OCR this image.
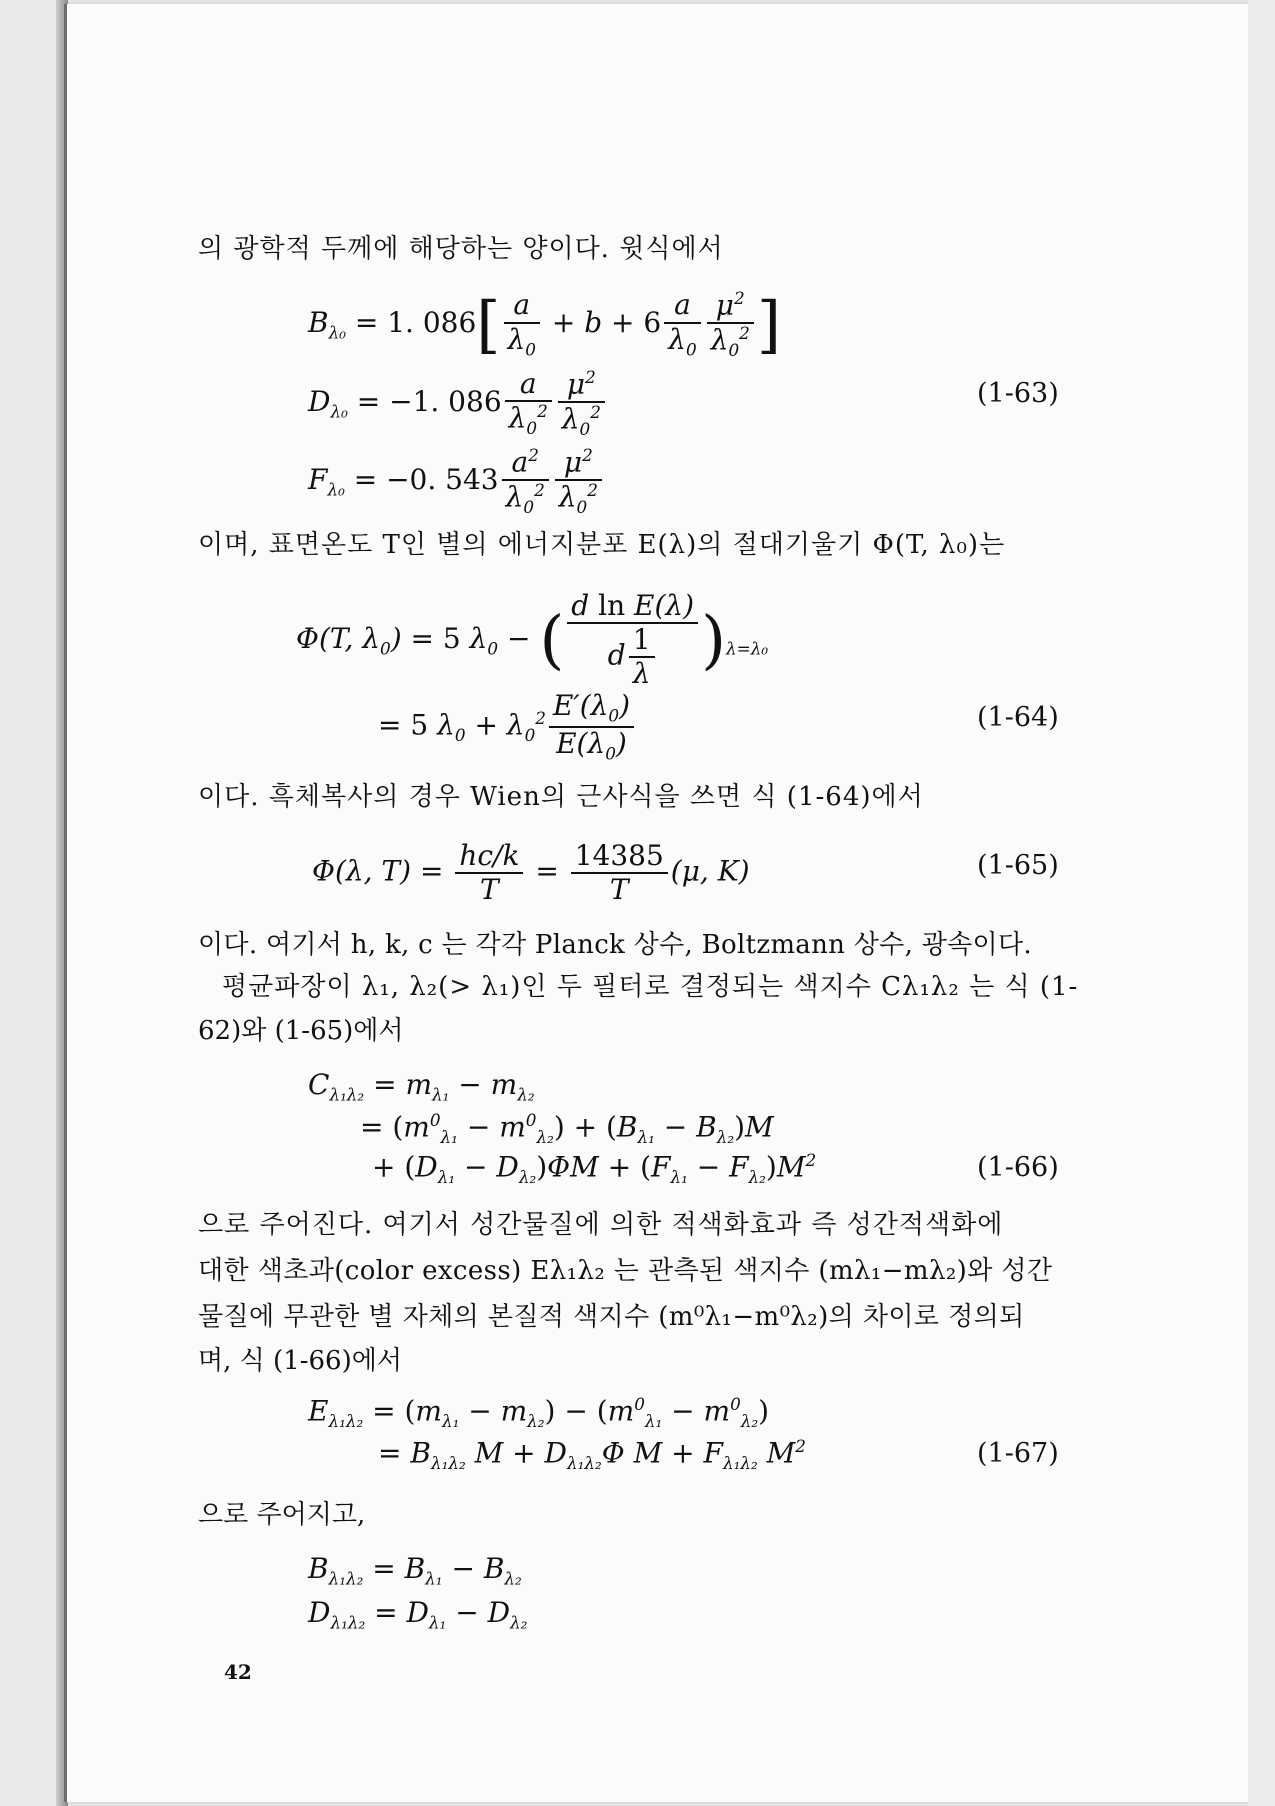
의 광학적 두께에 해당하는 양이다. 윗식에서
$B_{\lambda_0} = 1$. $086[ \frac{a}{\lambda_0} + b + 6 \frac{a}{\lambda_0} \frac{\mu^2}{\lambda_0^2}$ ]
$D_{\lambda_0} = -1$. $086 \frac{a}{\lambda_0^2} \frac{\mu^2}{\lambda_0^2}$	(1-63)
$F_{\lambda_0} = -0$. $543 \frac{a^2}{\lambda_0^2} \frac{\mu^2}{\lambda_0^2}$
이며, 표면온도 T인 별의 에너지분포 E(λ)의 절대기울기 Φ(T, λ₀)는
Φ(T, $\lambda_0) = 5$ $\lambda_0$ − ( $\frac{\text{d ln E(λ)}}{d \frac{1}{\lambda}} )_{\lambda=\lambda_0}$
= 5 $\lambda_0 + \lambda_0^2 \frac{E'(\lambda_0)}{E(\lambda_0)}$	(1-64)
이다. 흑체복사의 경우 Wien의 근사식을 쓰면 식 (1-64)에서
Φ(λ, $T) = \frac{hc/k}{T} = \frac{14385}{T} (\mu$, K)	(1-65)
이다. 여기서 h, k, c 는 각각 Planck 상수, Boltzmann 상수, 광속이다.
평균파장이 λ₁, λ₂(> λ₁)인 두 필터로 결정되는 색지수 Cλ₁λ₂ 는 식 (1-
62)와 (1-65)에서
$C_{\lambda_1\lambda_2} = m_{\lambda_1} - m_{\lambda_2}$
= $(m^0_{\lambda_1} - m^0_{\lambda_2}) + (B_{\lambda_1} - B_{\lambda_2})M$
+ $(D_{\lambda_1} - D_{\lambda_2})\Phi M + (F_{\lambda_1} - F_{\lambda_2})M^2$	(1-66)
으로 주어진다. 여기서 성간물질에 의한 적색화효과 즉 성간적색화에
대한 색초과(color excess) Eλ₁λ₂ 는 관측된 색지수 (mλ₁−mλ₂)와 성간
물질에 무관한 별 자체의 본질적 색지수 (m⁰λ₁−m⁰λ₂)의 차이로 정의되
며, 식 (1-66)에서
$E_{\lambda_1\lambda_2} = (m_{\lambda_1} - m_{\lambda_2}) - (m^0_{\lambda_1} - m^0_{\lambda_2})$
= $B_{\lambda_1\lambda_2}$ $M + D_{\lambda_1\lambda_2}\Phi$ $M + F_{\lambda_1\lambda_2}$ $M^2$	(1-67)
으로 주어지고,
$B_{\lambda_1\lambda_2} = B_{\lambda_1} - B_{\lambda_2}$
$D_{\lambda_1\lambda_2} = D_{\lambda_1} - D_{\lambda_2}$
42
